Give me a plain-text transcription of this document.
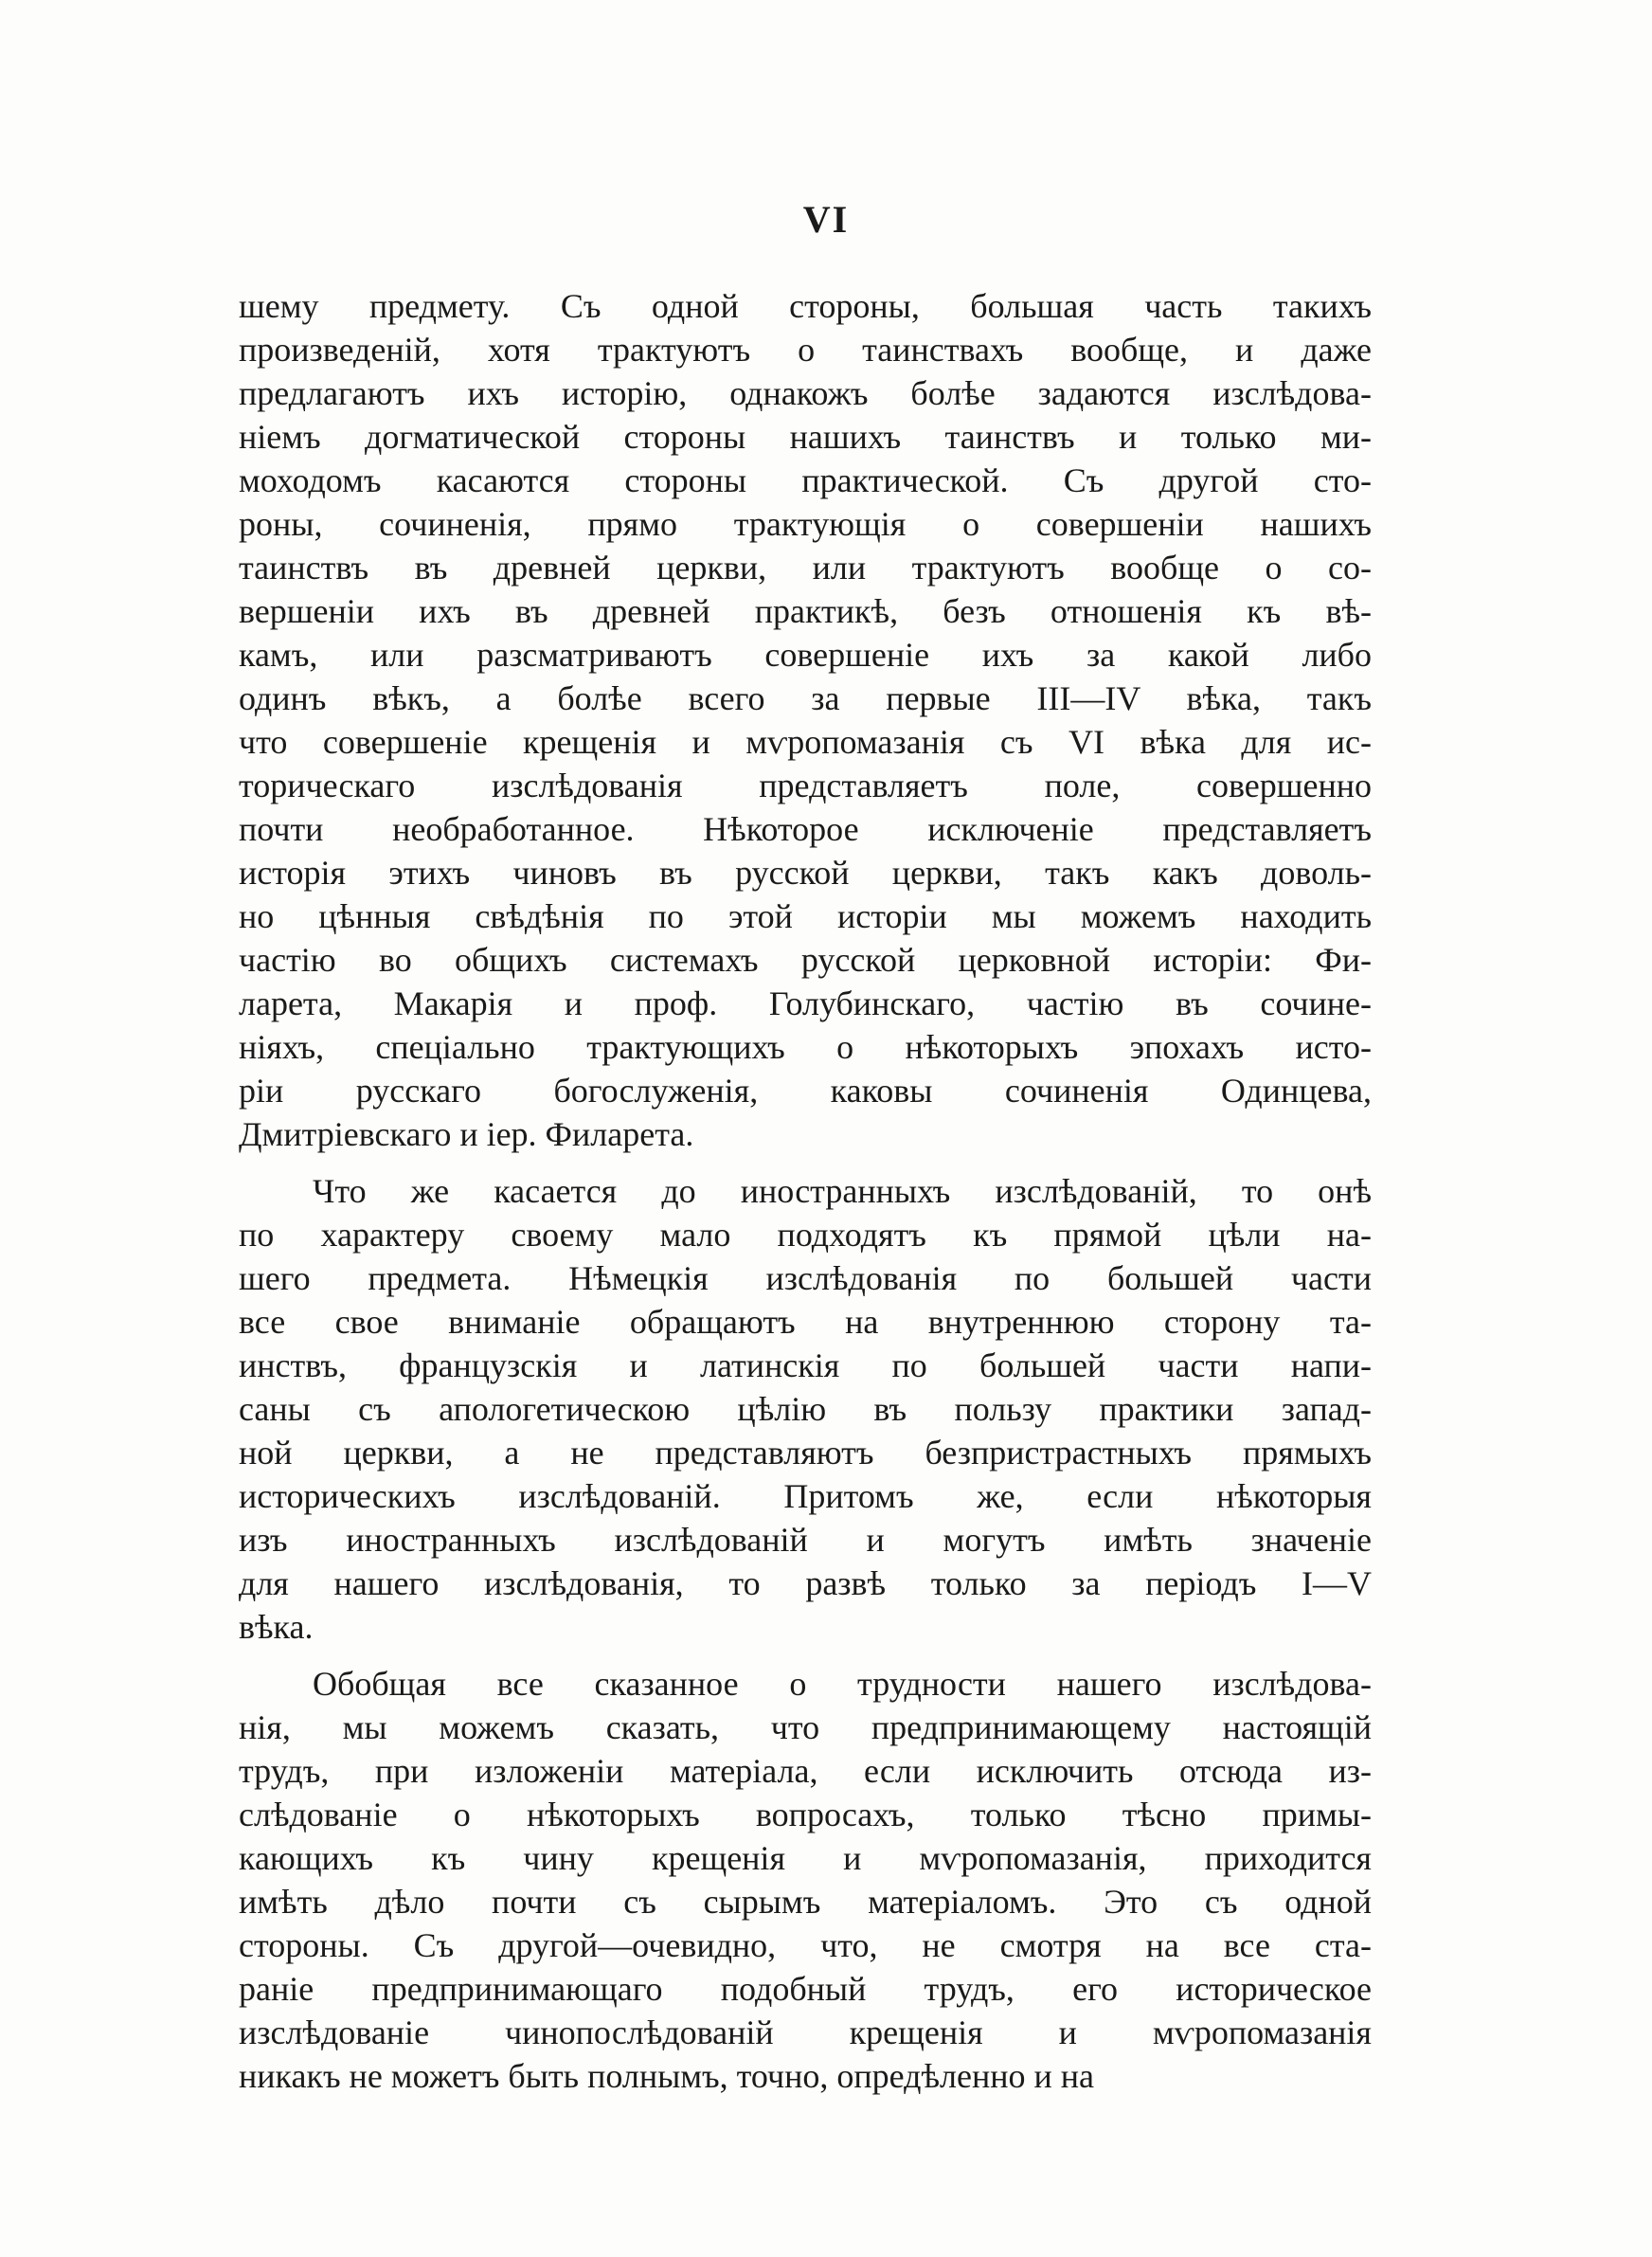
VI
шему предмету. Съ одной стороны, большая часть такихъ
произведеній, хотя трактуютъ о таинствахъ вообще, и даже
предлагаютъ ихъ исторію, однакожъ болѣе задаются изслѣдова-
ніемъ догматической стороны нашихъ таинствъ и только ми-
моходомъ касаются стороны практической. Съ другой сто-
роны, сочиненія, прямо трактующія о совершеніи нашихъ
таинствъ въ древней церкви, или трактуютъ вообще о со-
вершеніи ихъ въ древней практикѣ, безъ отношенія къ вѣ-
камъ, или разсматриваютъ совершеніе ихъ за какой либо
одинъ вѣкъ, а болѣе всего за первые III—IV вѣка, такъ
что совершеніе крещенія и мѵропомазанія съ VI вѣка для ис-
торическаго изслѣдованія представляетъ поле, совершенно
почти необработанное. Нѣкоторое исключеніе представляетъ
исторія этихъ чиновъ въ русской церкви, такъ какъ доволь-
но цѣнныя свѣдѣнія по этой исторіи мы можемъ находить
частію во общихъ системахъ русской церковной исторіи: Фи-
ларета, Макарія и проф. Голубинскаго, частію въ сочине-
ніяхъ, спеціально трактующихъ о нѣкоторыхъ эпохахъ исто-
ріи русскаго богослуженія, каковы сочиненія Одинцева,
Дмитріевскаго и іер. Филарета.
Что же касается до иностранныхъ изслѣдованій, то онѣ
по характеру своему мало подходятъ къ прямой цѣли на-
шего предмета. Нѣмецкія изслѣдованія по большей части
все свое вниманіе обращаютъ на внутреннюю сторону та-
инствъ, французскія и латинскія по большей части напи-
саны съ апологетическою цѣлію въ пользу практики запад-
ной церкви, а не представляютъ безпристрастныхъ прямыхъ
историческихъ изслѣдованій. Притомъ же, если нѣкоторыя
изъ иностранныхъ изслѣдованій и могутъ имѣть значеніе
для нашего изслѣдованія, то развѣ только за періодъ I—V
вѣка.
Обобщая все сказанное о трудности нашего изслѣдова-
нія, мы можемъ сказать, что предпринимающему настоящій
трудъ, при изложеніи матеріала, если исключить отсюда из-
слѣдованіе о нѣкоторыхъ вопросахъ, только тѣсно примы-
кающихъ къ чину крещенія и мѵропомазанія, приходится
имѣть дѣло почти съ сырымъ матеріаломъ. Это съ одной
стороны. Съ другой—очевидно, что, не смотря на все ста-
раніе предпринимающаго подобный трудъ, его историческое
изслѣдованіе чинопослѣдованій крещенія и мѵропомазанія
никакъ не можетъ быть полнымъ, точно, опредѣленно и на
